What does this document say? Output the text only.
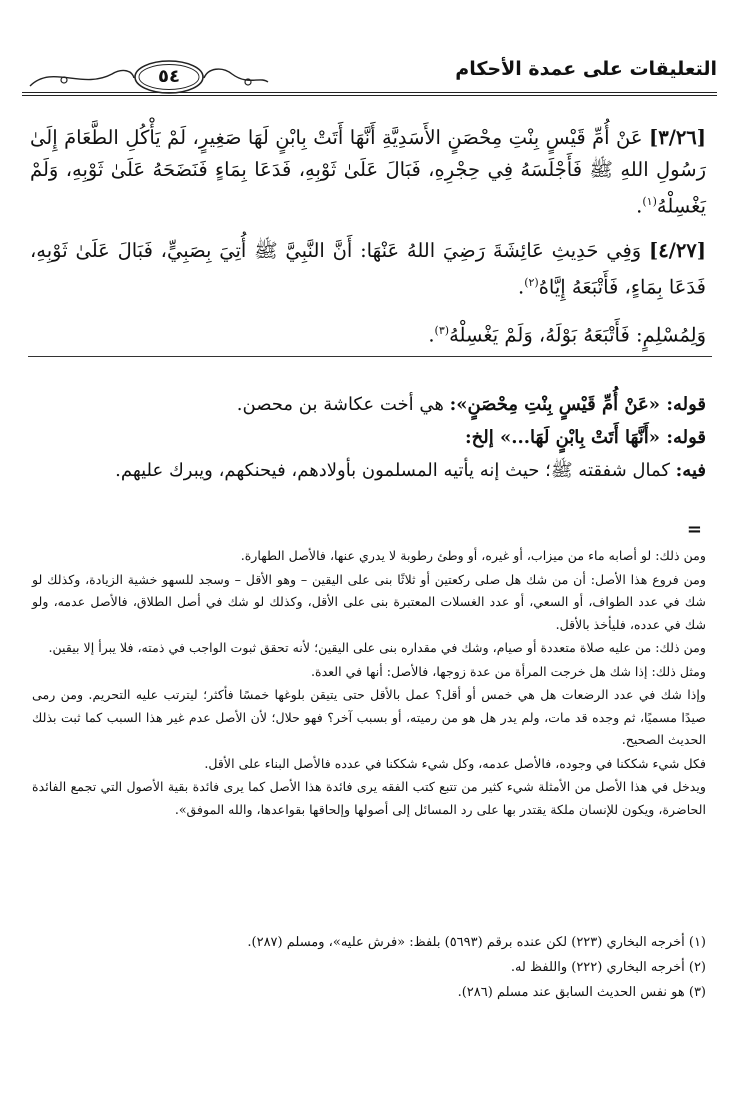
٥٤	التعليقات على عمدة الأحكام

[٣/٢٦] عَنْ أُمِّ قَيْسٍ بِنْتِ مِحْصَنٍ الأَسَدِيَّةِ أَنَّهَا أَتَتْ بِابْنٍ لَهَا صَغِيرٍ، لَمْ يَأْكُلِ الطَّعَامَ إِلَىٰ رَسُولِ اللهِ ﷺ فَأَجْلَسَهُ فِي حِجْرِهِ، فَبَالَ عَلَىٰ ثَوْبِهِ، فَدَعَا بِمَاءٍ فَنَضَحَهُ عَلَىٰ ثَوْبِهِ، وَلَمْ يَغْسِلْهُ$^{(١)}$.

[٤/٢٧] وَفِي حَدِيثِ عَائِشَةَ رَضِيَ اللهُ عَنْهَا: أَنَّ النَّبِيَّ ﷺ أُتِيَ بِصَبِيٍّ، فَبَالَ عَلَىٰ ثَوْبِهِ، فَدَعَا بِمَاءٍ، فَأَتْبَعَهُ إِيَّاهُ$^{(٢)}$.

وَلِمُسْلِمٍ: فَأَتْبَعَهُ بَوْلَهُ، وَلَمْ يَغْسِلْهُ$^{(٣)}$.

قوله: «عَنْ أُمِّ قَيْسٍ بِنْتِ مِحْصَنٍ»: هي أخت عكاشة بن محصن.

قوله: «أَنَّهَا أَتَتْ بِابْنٍ لَهَا...» إلخ:

فيه: كمال شفقته ﷺ؛ حيث إنه يأتيه المسلمون بأولادهم، فيحنكهم، ويبرك عليهم.

=

ومن ذلك: لو أصابه ماء من ميزاب، أو غيره، أو وطئ رطوبة لا يدري عنها، فالأصل الطهارة.

ومن فروع هذا الأصل: أن من شك هل صلى ركعتين أو ثلاثًا بنى على اليقين – وهو الأقل – وسجد للسهو خشية الزيادة، وكذلك لو شك في عدد الطواف، أو السعي، أو عدد الغسلات المعتبرة بنى على الأقل، وكذلك لو شك في أصل الطلاق، فالأصل عدمه، ولو شك في عدده، فليأخذ بالأقل.

ومن ذلك: من عليه صلاة متعددة أو صيام، وشك في مقداره بنى على اليقين؛ لأنه تحقق ثبوت الواجب في ذمته، فلا يبرأ إلا بيقين.

ومثل ذلك: إذا شك هل خرجت المرأة من عدة زوجها، فالأصل: أنها في العدة.

وإذا شك في عدد الرضعات هل هي خمس أو أقل؟ عمل بالأقل حتى يتيقن بلوغها خمسًا فأكثر؛ ليترتب عليه التحريم. ومن رمى صيدًا مسميًا، ثم وجده قد مات، ولم يدر هل هو من رميته، أو بسبب آخر؟ فهو حلال؛ لأن الأصل عدم غير هذا السبب كما ثبت بذلك الحديث الصحيح.

فكل شيء شككنا في وجوده، فالأصل عدمه، وكل شيء شككنا في عدده فالأصل البناء على الأقل.

ويدخل في هذا الأصل من الأمثلة شيء كثير من تتبع كتب الفقه يرى فائدة هذا الأصل كما يرى فائدة بقية الأصول التي تجمع الفائدة الحاضرة، ويكون للإنسان ملكة يقتدر بها على رد المسائل إلى أصولها وإلحاقها بقواعدها، والله الموفق».

(١) أخرجه البخاري (٢٢٣) لكن عنده برقم (٥٦٩٣) بلفظ: «فرش عليه»، ومسلم (٢٨٧).

(٢) أخرجه البخاري (٢٢٢) واللفظ له.

(٣) هو نفس الحديث السابق عند مسلم (٢٨٦).
